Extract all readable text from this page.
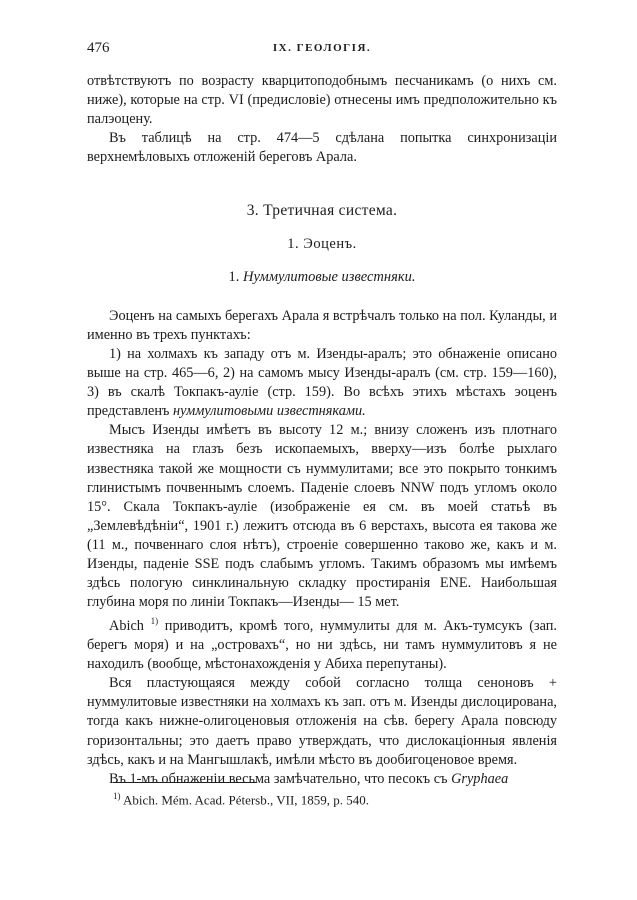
476	IX. ГЕОЛОГIЯ.

отвѣтствуютъ по возрасту кварцитоподобнымъ песчаникамъ (о нихъ см. ниже), которые на стр. VI (предисловіе) отнесены имъ предположительно къ палэоцену.

Въ таблицѣ на стр. 474—5 сдѣлана попытка синхронизаціи верхнемѣловыхъ отложеній береговъ Арала.

3. Третичная система.

1. Эоценъ.

1. Нуммулитовые известняки.

Эоценъ на самыхъ берегахъ Арала я встрѣчалъ только на пол. Куланды, и именно въ трехъ пунктахъ:

1) на холмахъ къ западу отъ м. Изенды-аралъ; это обнаженіе описано выше на стр. 465—6, 2) на самомъ мысу Изенды-аралъ (см. стр. 159—160), 3) въ скалѣ Токпакъ-ауліе (стр. 159). Во всѣхъ этихъ мѣстахъ эоценъ представленъ нуммулитовыми известняками.

Мысъ Изенды имѣетъ въ высоту 12 м.; внизу сложенъ изъ плотнаго известняка на глазъ безъ ископаемыхъ, вверху—изъ болѣе рыхлаго известняка такой же мощности съ нуммулитами; все это покрыто тонкимъ глинистымъ почвеннымъ слоемъ. Паденіе слоевъ NNW подъ угломъ около 15°. Скала Токпакъ-ауліе (изображеніе ея см. въ моей статьѣ въ „Землевѣдѣніи“, 1901 г.) лежитъ отсюда въ 6 верстахъ, высота ея такова же (11 м., почвеннаго слоя нѣтъ), строеніе совершенно таково же, какъ и м. Изенды, паденіе SSE подъ слабымъ угломъ. Такимъ образомъ мы имѣемъ здѣсь пологую синклинальную складку простиранія ENE. Наибольшая глубина моря по линіи Токпакъ—Изенды— 15 мет.

Abich $^{1)}$ приводитъ, кромѣ того, нуммулиты для м. Акъ-тумсукъ (зап. берегъ моря) и на „островахъ“, но ни здѣсь, ни тамъ нуммулитовъ я не находилъ (вообще, мѣстонахожденія у Абиха перепутаны).

Вся пластующаяся между собой согласно толща сеноновъ + нуммулитовые известняки на холмахъ къ зап. отъ м. Изенды дислоцирована, тогда какъ нижне-олигоценовыя отложенія на сѣв. берегу Арала повсюду горизонтальны; это даетъ право утверждать, что дислокаціонныя явленія здѣсь, какъ и на Мангышлакѣ, имѣли мѣсто въ дообигоценовое время.

Въ 1-мъ обнаженіи весьма замѣчательно, что песокъ съ Gryphaea

$^{1)}$ Abich. Mém. Acad. Pétersb., VII, 1859, p. 540.
